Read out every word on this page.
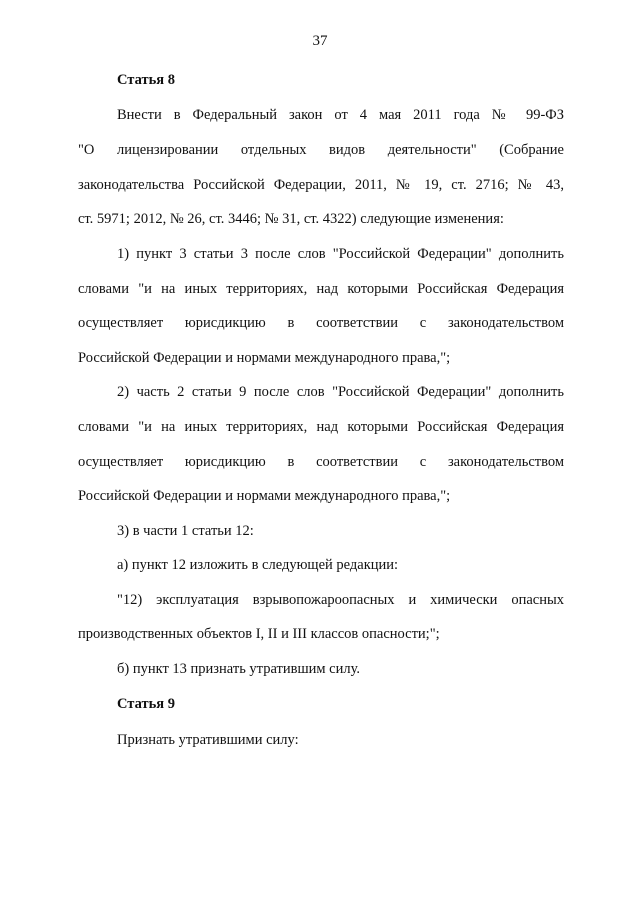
37
Статья 8
Внести в Федеральный закон от 4 мая 2011 года № 99-ФЗ
"О лицензировании отдельных видов деятельности" (Собрание
законодательства Российской Федерации, 2011, № 19, ст. 2716; № 43,
ст. 5971; 2012, № 26, ст. 3446; № 31, ст. 4322) следующие изменения:
1) пункт 3 статьи 3 после слов "Российской Федерации" дополнить
словами "и на иных территориях, над которыми Российская Федерация
осуществляет юрисдикцию в соответствии с законодательством
Российской Федерации и нормами международного права,";
2) часть 2 статьи 9 после слов "Российской Федерации" дополнить
словами "и на иных территориях, над которыми Российская Федерация
осуществляет юрисдикцию в соответствии с законодательством
Российской Федерации и нормами международного права,";
3) в части 1 статьи 12:
а) пункт 12 изложить в следующей редакции:
"12) эксплуатация взрывопожароопасных и химически опасных
производственных объектов I, II и III классов опасности;";
б) пункт 13 признать утратившим силу.
Статья 9
Признать утратившими силу:
